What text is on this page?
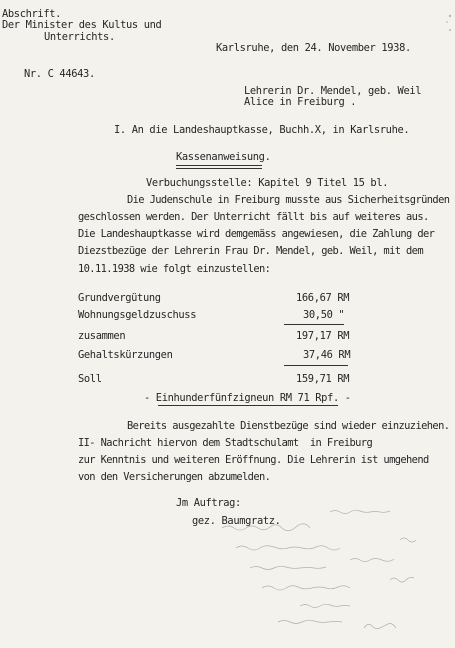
Abschrift.
Der Minister des Kultus und
Unterrichts.
Karlsruhe, den 24. November 1938.
Nr. C 44643.
Lehrerin Dr. Mendel, geb. Weil
Alice in Freiburg .
I. An die Landeshauptkasse, Buchh.X, in Karlsruhe.
Kassenanweisung.
Verbuchungsstelle: Kapitel 9 Titel 15 bl.
Die Judenschule in Freiburg musste aus Sicherheitsgründen
geschlossen werden. Der Unterricht fällt bis auf weiteres aus.
Die Landeshauptkasse wird demgemäss angewiesen, die Zahlung der
Diezstbezüge der Lehrerin Frau Dr. Mendel, geb. Weil, mit dem
10.11.1938 wie folgt einzustellen:
Grundvergütung	166,67 RM
Wohnungsgeldzuschuss	30,50 "
zusammen	197,17 RM
Gehaltskürzungen	37,46 RM
Soll	159,71 RM
- Einhunderfünfzigneun RM 71 Rpf. -
Bereits ausgezahlte Dienstbezüge sind wieder einzuziehen.
II- Nachricht hiervon dem Stadtschulamt  in Freiburg
zur Kenntnis und weiteren Eröffnung. Die Lehrerin ist umgehend
von den Versicherungen abzumelden.
Jm Auftrag:
gez. Baumgratz.
